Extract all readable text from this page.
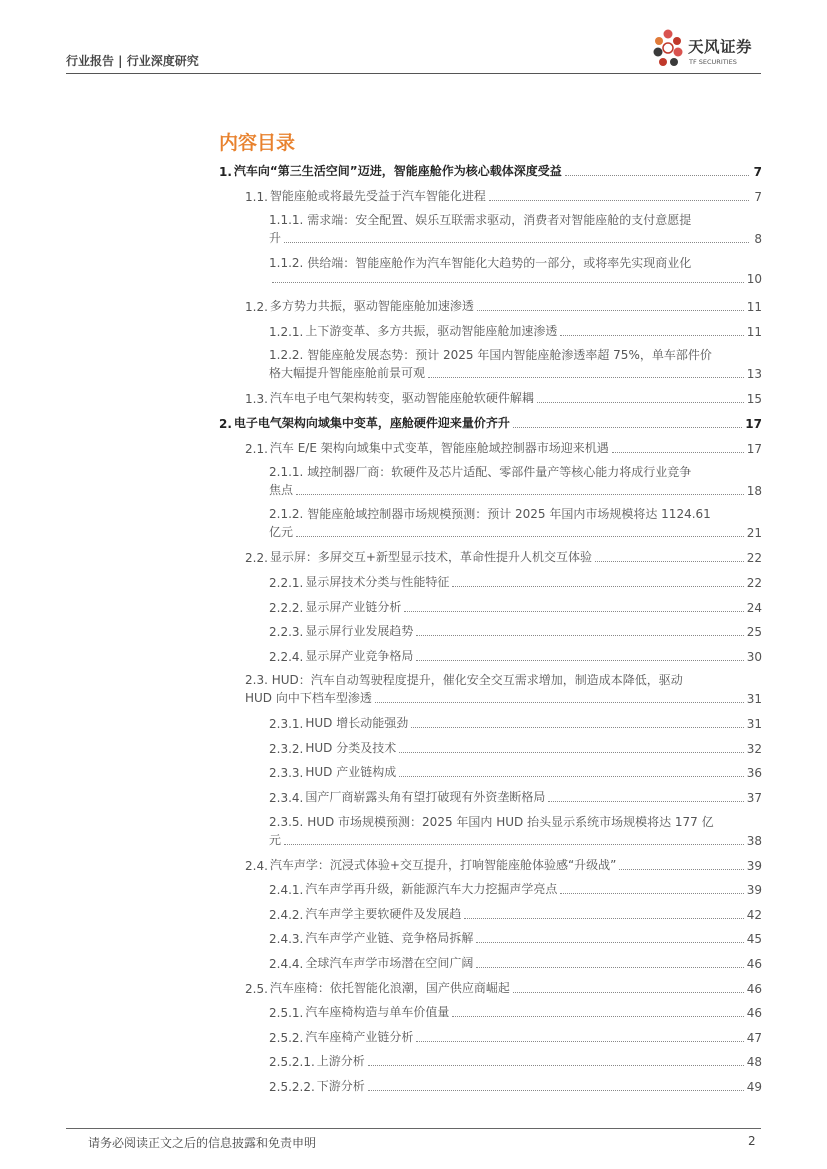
行业报告 | 行业深度研究
天风证券
TF SECURITIES
内容目录
1. 汽车向“第三生活空间”迈进，智能座舱作为核心载体深度受益	7
1.1. 智能座舱或将最先受益于汽车智能化进程	7
1.1.1. 需求端：安全配置、娱乐互联需求驱动，消费者对智能座舱的支付意愿提
升	8
1.1.2. 供给端：智能座舱作为汽车智能化大趋势的一部分，或将率先实现商业化
10
1.2. 多方势力共振，驱动智能座舱加速渗透	11
1.2.1. 上下游变革、多方共振，驱动智能座舱加速渗透	11
1.2.2. 智能座舱发展态势：预计 2025 年国内智能座舱渗透率超 75%，单车部件价
格大幅提升智能座舱前景可观	13
1.3. 汽车电子电气架构转变，驱动智能座舱软硬件解耦	15
2. 电子电气架构向域集中变革，座舱硬件迎来量价齐升	17
2.1. 汽车 E/E 架构向域集中式变革，智能座舱域控制器市场迎来机遇	17
2.1.1. 域控制器厂商：软硬件及芯片适配、零部件量产等核心能力将成行业竞争
焦点	18
2.1.2. 智能座舱域控制器市场规模预测：预计 2025 年国内市场规模将达 1124.61
亿元	21
2.2. 显示屏：多屏交互+新型显示技术，革命性提升人机交互体验	22
2.2.1. 显示屏技术分类与性能特征	22
2.2.2. 显示屏产业链分析	24
2.2.3. 显示屏行业发展趋势	25
2.2.4. 显示屏产业竞争格局	30
2.3. HUD：汽车自动驾驶程度提升，催化安全交互需求增加，制造成本降低，驱动
HUD 向中下档车型渗透	31
2.3.1. HUD 增长动能强劲	31
2.3.2. HUD 分类及技术	32
2.3.3. HUD 产业链构成	36
2.3.4. 国产厂商崭露头角有望打破现有外资垄断格局	37
2.3.5. HUD 市场规模预测：2025 年国内 HUD 抬头显示系统市场规模将达 177 亿
元	38
2.4. 汽车声学：沉浸式体验+交互提升，打响智能座舱体验感“升级战”	39
2.4.1. 汽车声学再升级，新能源汽车大力挖掘声学亮点	39
2.4.2. 汽车声学主要软硬件及发展趋	42
2.4.3. 汽车声学产业链、竞争格局拆解	45
2.4.4. 全球汽车声学市场潜在空间广阔	46
2.5. 汽车座椅：依托智能化浪潮，国产供应商崛起	46
2.5.1. 汽车座椅构造与单车价值量	46
2.5.2. 汽车座椅产业链分析	47
2.5.2.1. 上游分析	48
2.5.2.2. 下游分析	49
请务必阅读正文之后的信息披露和免责申明	2
